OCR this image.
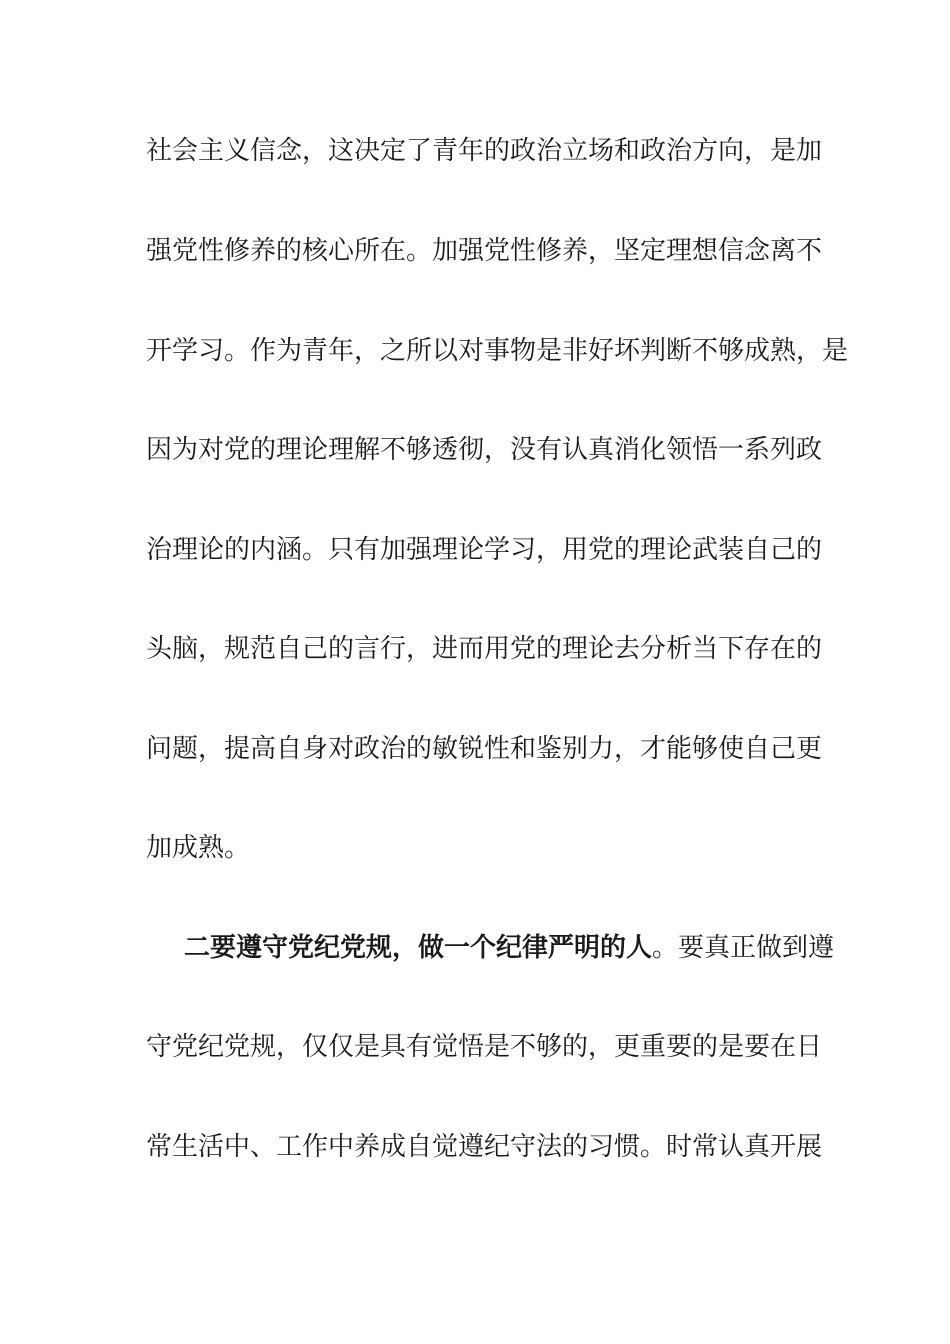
社会主义信念，这决定了青年的政治立场和政治方向，是加
强党性修养的核心所在。加强党性修养，坚定理想信念离不
开学习。作为青年，之所以对事物是非好坏判断不够成熟，是
因为对党的理论理解不够透彻，没有认真消化领悟一系列政
治理论的内涵。只有加强理论学习，用党的理论武装自己的
头脑，规范自己的言行，进而用党的理论去分析当下存在的
问题，提高自身对政治的敏锐性和鉴别力，才能够使自己更
加成熟。
二要遵守党纪党规，做一个纪律严明的人。要真正做到遵
守党纪党规，仅仅是具有觉悟是不够的，更重要的是要在日
常生活中、工作中养成自觉遵纪守法的习惯。时常认真开展
